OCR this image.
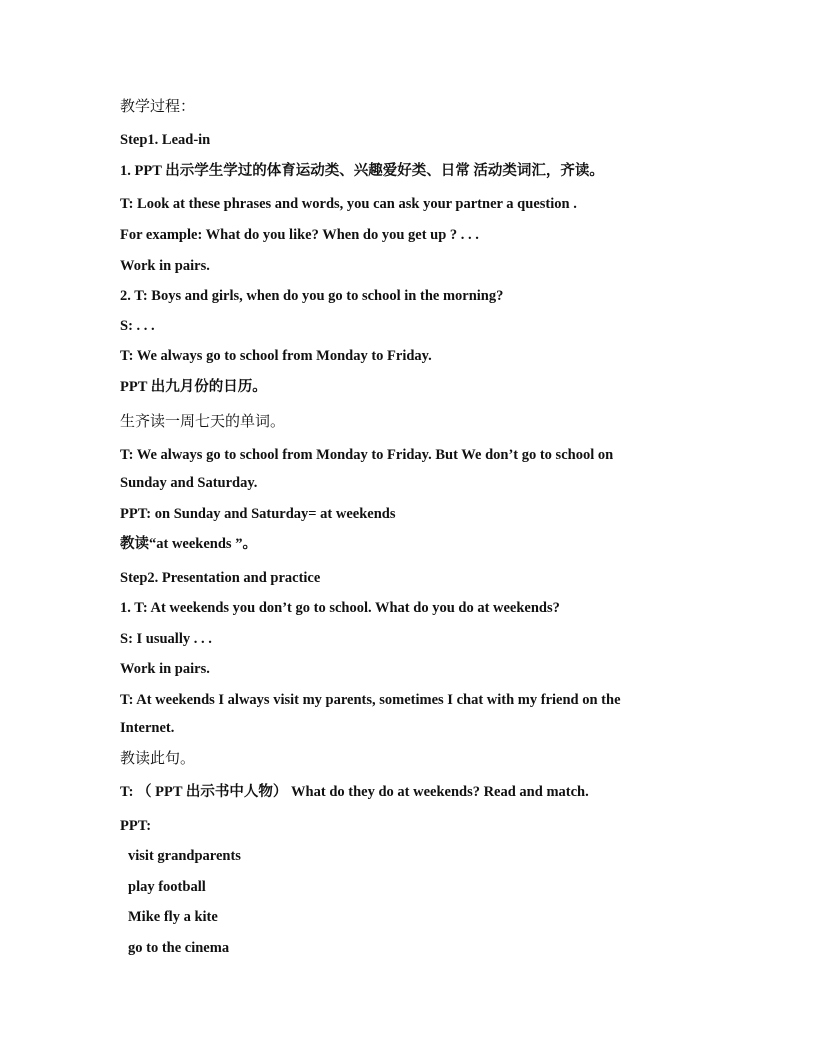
教学过程：
Step1. Lead-in
1. PPT 出示学生学过的体育运动类、兴趣爱好类、日常 活动类词汇，齐读。
T: Look at these phrases and words, you can ask your partner a question .
For example: What do you like? When do you get up ? . . .
Work in pairs.
2. T: Boys and girls, when do you go to school in the morning?
S: . . .
T: We always go to school from Monday to Friday.
PPT 出九月份的日历。
生齐读一周七天的单词。
T: We always go to school from Monday to Friday. But We don’t go to school on
Sunday and Saturday.
PPT: on Sunday and Saturday= at weekends
教读“at weekends ”。
Step2. Presentation and practice
1. T: At weekends you don’t go to school. What do you do at weekends?
S: I usually . . .
Work in pairs.
T: At weekends I always visit my parents, sometimes I chat with my friend on the
Internet.
教读此句。
T: （ PPT 出示书中人物） What do they do at weekends? Read and match.
PPT:
visit grandparents
play football
Mike fly a kite
go to the cinema
